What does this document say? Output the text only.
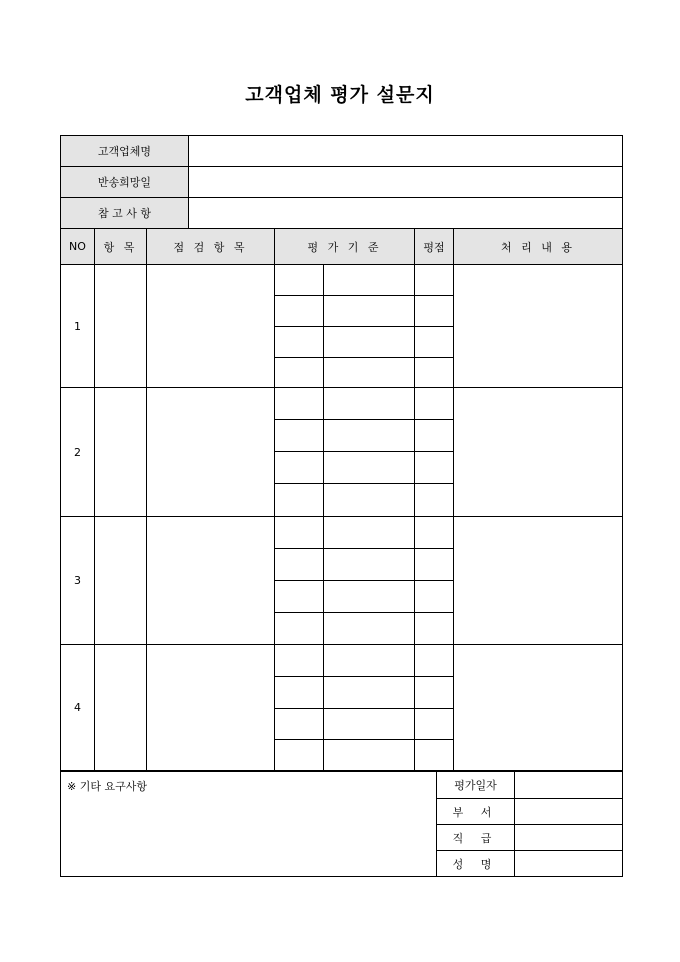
고객업체 평가 설문지
고객업체명	
반송희망일	
참 고 사 항	
NO	항 목	점 검 항 목	평 가 기 준		평점	처 리 내 용
1						

2						

3						

4						

※ 기타 요구사항	평가일자	
	부 서	
	직 급	
	성 명	
